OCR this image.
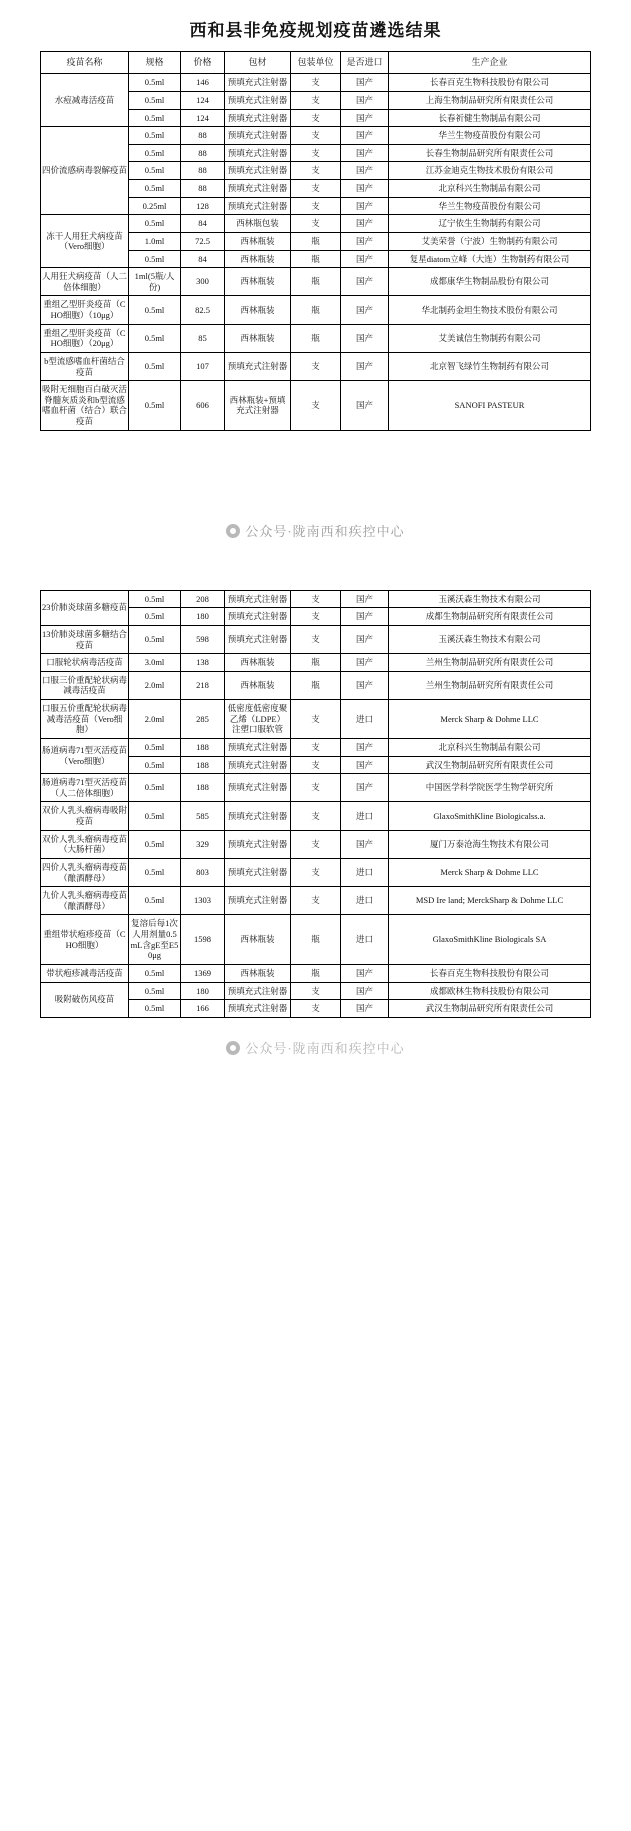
西和县非免疫规划疫苗遴选结果
疫苗名称	规格	价格	包材	包装单位	是否进口	生产企业
水痘减毒活疫苗	0.5ml	146	预填充式注射器	支	国产	长春百克生物科技股份有限公司
	0.5ml	124	预填充式注射器	支	国产	上海生物制品研究所有限责任公司
	0.5ml	124	预填充式注射器	支	国产	长春祈健生物制品有限公司
四价流感病毒裂解疫苗	0.5ml	88	预填充式注射器	支	国产	华兰生物疫苗股份有限公司
	0.5ml	88	预填充式注射器	支	国产	长春生物制品研究所有限责任公司
	0.5ml	88	预填充式注射器	支	国产	江苏金迪克生物技术股份有限公司
	0.5ml	88	预填充式注射器	支	国产	北京科兴生物制品有限公司
	0.25ml	128	预填充式注射器	支	国产	华兰生物疫苗股份有限公司
冻干人用狂犬病疫苗（Vero细胞）	0.5ml	84	西林瓶包装	支	国产	辽宁依生生物制药有限公司
	1.0ml	72.5	西林瓶装	瓶	国产	艾美荣誉（宁波）生物制药有限公司
	0.5ml	84	西林瓶装	瓶	国产	复星diatom立峰（大连）生物制药有限公司
人用狂犬病疫苗（人二倍体细胞）	1ml(5瓶/人份)	300	西林瓶装	瓶	国产	成都康华生物制品股份有限公司
重组乙型肝炎疫苗（CHO细胞）（10μg）	0.5ml	82.5	西林瓶装	瓶	国产	华北制药金坦生物技术股份有限公司
重组乙型肝炎疫苗（CHO细胞）（20μg）	0.5ml	85	西林瓶装	瓶	国产	艾美诚信生物制药有限公司
b型流感嗜血杆菌结合疫苗	0.5ml	107	预填充式注射器	支	国产	北京智飞绿竹生物制药有限公司
吸附无细胞百白破灭活脊髓灰质炎和b型流感嗜血杆菌（结合）联合疫苗	0.5ml	606	西林瓶装+预填充式注射器	支	国产	SANOFI PASTEUR
公众号·陇南西和疾控中心
23价肺炎球菌多糖疫苗	0.5ml	208	预填充式注射器	支	国产	玉溪沃森生物技术有限公司
	0.5ml	180	预填充式注射器	支	国产	成都生物制品研究所有限责任公司
13价肺炎球菌多糖结合疫苗	0.5ml	598	预填充式注射器	支	国产	玉溪沃森生物技术有限公司
口服轮状病毒活疫苗	3.0ml	138	西林瓶装	瓶	国产	兰州生物制品研究所有限责任公司
口服三价重配轮状病毒减毒活疫苗	2.0ml	218	西林瓶装	瓶	国产	兰州生物制品研究所有限责任公司
口服五价重配轮状病毒减毒活疫苗（Vero细胞）	2.0ml	285	低密度低密度聚乙烯（LDPE）注塑口服软管	支	进口	Merck Sharp & Dohme LLC
肠道病毒71型灭活疫苗（Vero细胞）	0.5ml	188	预填充式注射器	支	国产	北京科兴生物制品有限公司
	0.5ml	188	预填充式注射器	支	国产	武汉生物制品研究所有限责任公司
肠道病毒71型灭活疫苗（人二倍体细胞）	0.5ml	188	预填充式注射器	支	国产	中国医学科学院医学生物学研究所
双价人乳头瘤病毒吸附疫苗	0.5ml	585	预填充式注射器	支	进口	GlaxoSmithKline Biologicalss.a.
双价人乳头瘤病毒疫苗（大肠杆菌）	0.5ml	329	预填充式注射器	支	国产	厦门万泰沧海生物技术有限公司
四价人乳头瘤病毒疫苗（酿酒酵母）	0.5ml	803	预填充式注射器	支	进口	Merck Sharp & Dohme LLC
九价人乳头瘤病毒疫苗（酿酒酵母）	0.5ml	1303	预填充式注射器	支	进口	MSD Ire land; MerckSharp & Dohme LLC
重组带状疱疹疫苗（CHO细胞）	复溶后每1次人用剂量0.5mL含gE至E50μg	1598	西林瓶装	瓶	进口	GlaxoSmithKline Biologicals SA
带状疱疹减毒活疫苗	0.5ml	1369	西林瓶装	瓶	国产	长春百克生物科技股份有限公司
吸附破伤风疫苗	0.5ml	180	预填充式注射器	支	国产	成都欧林生物科技股份有限公司
	0.5ml	166	预填充式注射器	支	国产	武汉生物制品研究所有限责任公司
公众号·陇南西和疾控中心
